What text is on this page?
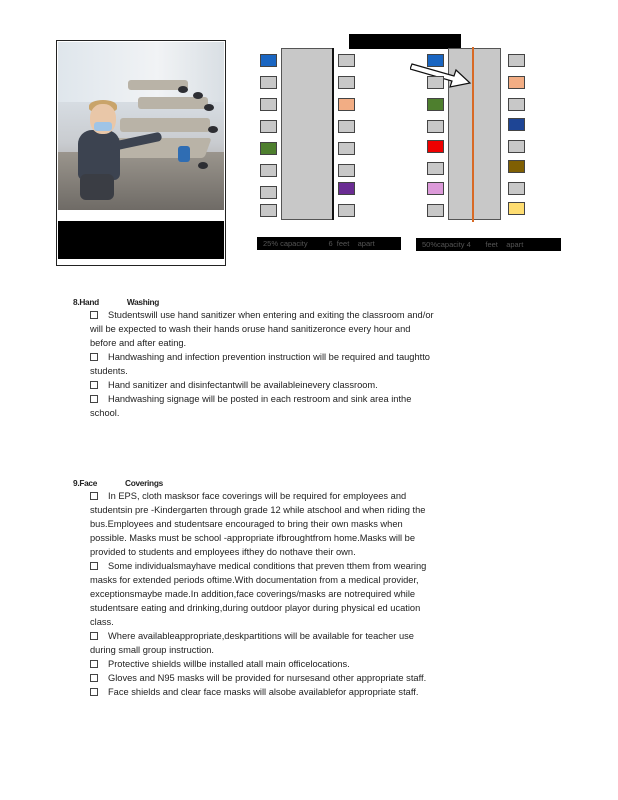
25% capacity	6  feet    apart	50%capacity 4 feet    apart
8.Hand	Washing
Studentswill use hand sanitizer when entering and exiting the classroom and/or
will be expected to wash their hands oruse hand sanitizeronce every hour and
before and after eating.
Handwashing and infection prevention instruction will be required and taughtto
students.
Hand sanitizer and disinfectantwill be availableinevery classroom.
Handwashing signage will be posted in each restroom and sink area inthe
school.
9.Face	Coverings
In EPS, cloth masksor face coverings will be required for employees and
studentsin pre -Kindergarten through grade 12 while atschool and when riding the
bus.Employees and studentsare encouraged to bring their own masks when
possible. Masks must be school -appropriate ifbroughtfrom home.Masks will be
provided to students and employees ifthey do nothave their own.
Some individualsmayhave medical conditions that preven tthem from wearing
masks for extended periods oftime.With documentation from a medical provider,
exceptionsmaybe made.In addition,face coverings/masks are notrequired while
studentsare eating and drinking,during outdoor playor during physical ed ucation
class.
Where availableappropriate,deskpartitions will be available for teacher use
during small group instruction.
Protective shields willbe installed atall main officelocations.
Gloves and N95 masks will be provided for nursesand other appropriate staff.
Face shields and clear face masks will alsobe availablefor appropriate staff.
